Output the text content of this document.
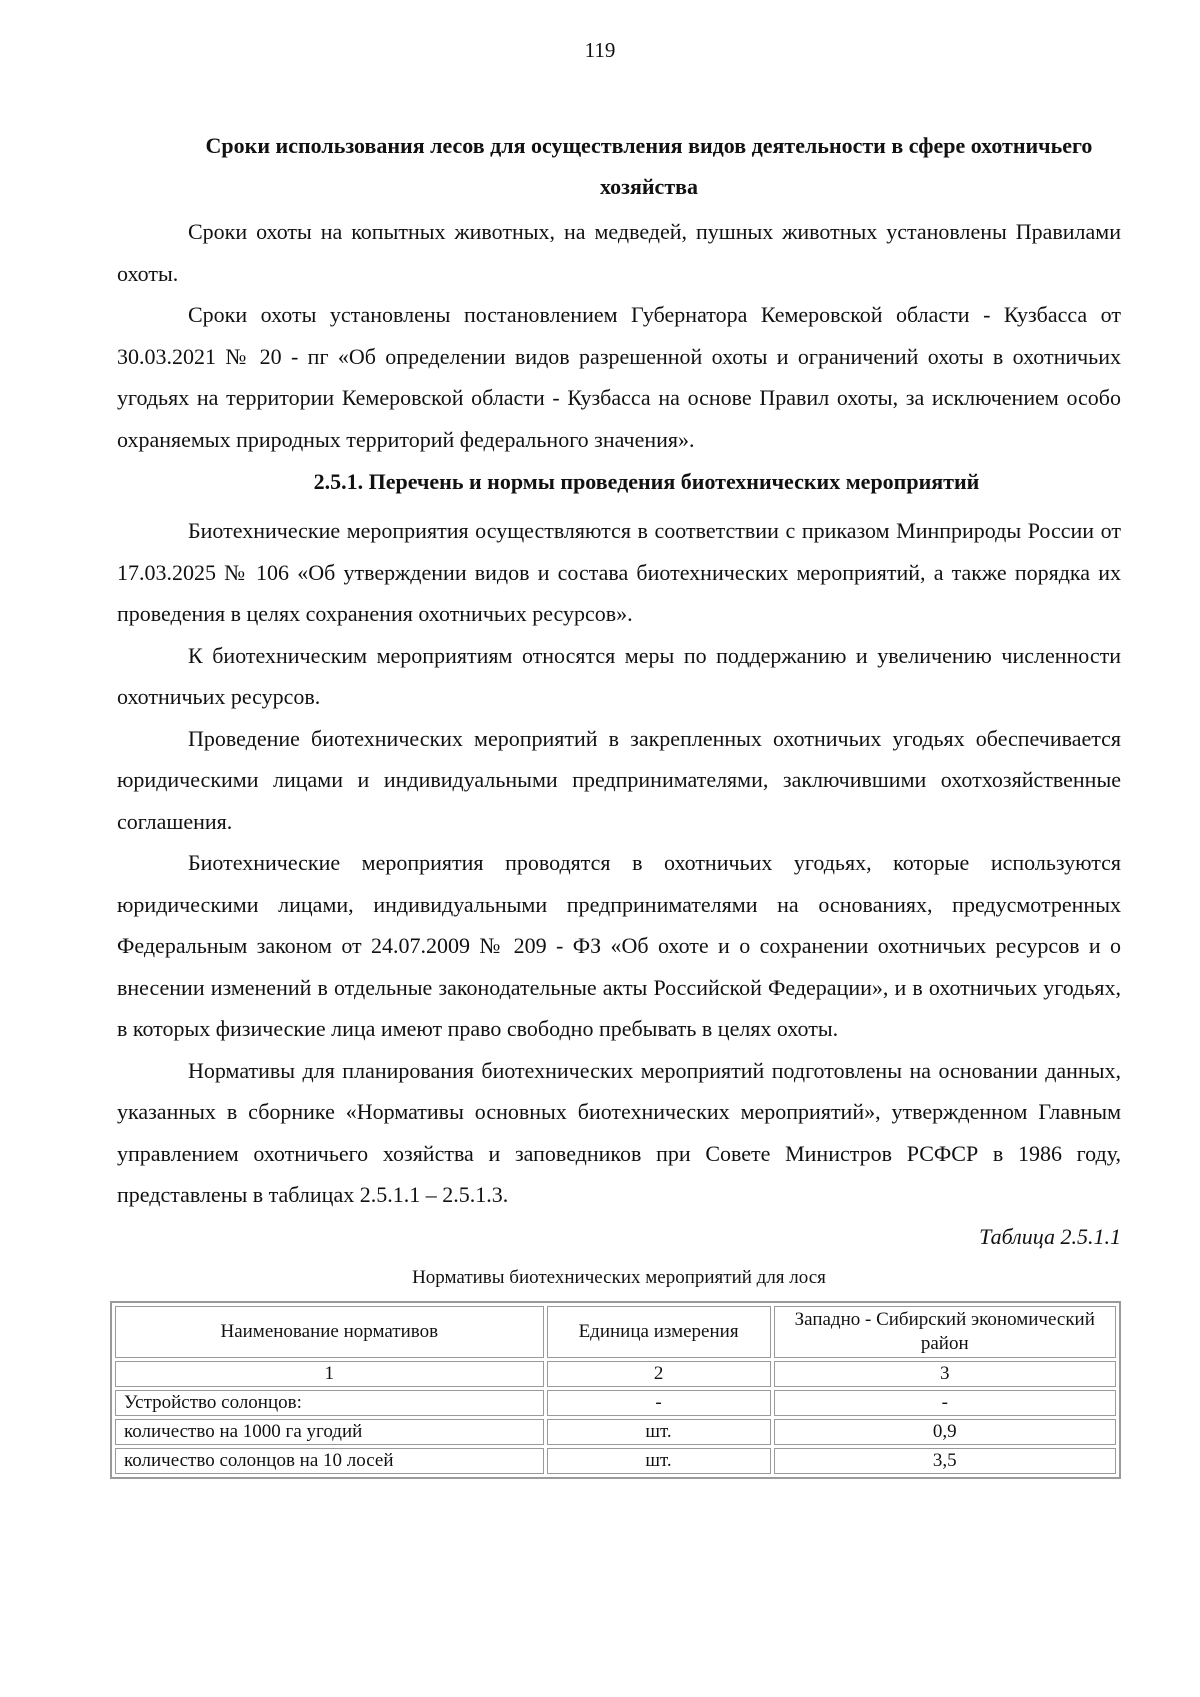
119
Сроки использования лесов для осуществления видов деятельности в сфере охотничьего хозяйства

Сроки охоты на копытных животных, на медведей, пушных животных установлены Правилами охоты.

Сроки охоты установлены постановлением Губернатора Кемеровской области - Кузбасса от 30.03.2021 № 20 - пг «Об определении видов разрешенной охоты и ограничений охоты в охотничьих угодьях на территории Кемеровской области - Кузбасса на основе Правил охоты, за исключением особо охраняемых природных территорий федерального значения».

2.5.1. Перечень и нормы проведения биотехнических мероприятий

Биотехнические мероприятия осуществляются в соответствии с приказом Минприроды России от 17.03.2025 № 106 «Об утверждении видов и состава биотехнических мероприятий, а также порядка их проведения в целях сохранения охотничьих ресурсов».

К биотехническим мероприятиям относятся меры по поддержанию и увеличению численности охотничьих ресурсов.

Проведение биотехнических мероприятий в закрепленных охотничьих угодьях обеспечивается юридическими лицами и индивидуальными предпринимателями, заключившими охотхозяйственные соглашения.

Биотехнические мероприятия проводятся в охотничьих угодьях, которые используются юридическими лицами, индивидуальными предпринимателями на основаниях, предусмотренных Федеральным законом от 24.07.2009 № 209 - ФЗ «Об охоте и о сохранении охотничьих ресурсов и о внесении изменений в отдельные законодательные акты Российской Федерации», и в охотничьих угодьях, в которых физические лица имеют право свободно пребывать в целях охоты.

Нормативы для планирования биотехнических мероприятий подготовлены на основании данных, указанных в сборнике «Нормативы основных биотехнических мероприятий», утвержденном Главным управлением охотничьего хозяйства и заповедников при Совете Министров РСФСР в 1986 году, представлены в таблицах 2.5.1.1 – 2.5.1.3.

Таблица 2.5.1.1
Нормативы биотехнических мероприятий для лося
Наименование нормативов	Единица измерения	Западно - Сибирский экономический район
1	2	3
Устройство солонцов:	-	-
количество на 1000 га угодий	шт.	0,9
количество солонцов на 10 лосей	шт.	3,5
